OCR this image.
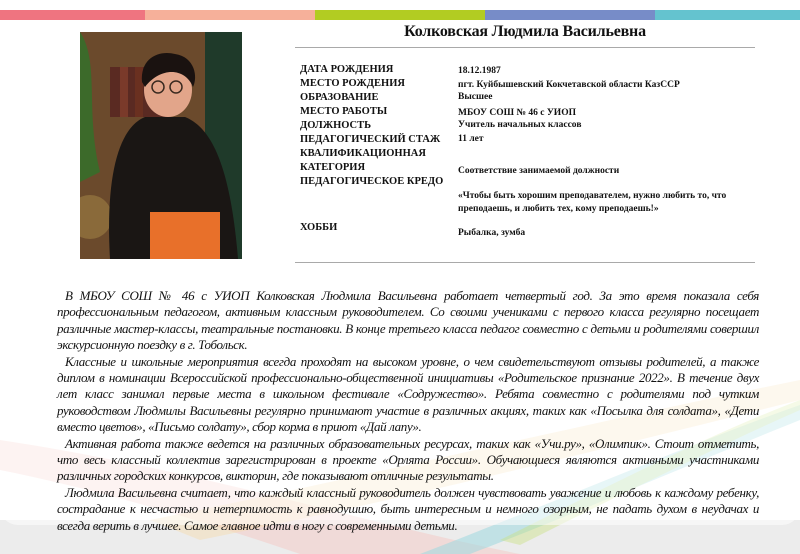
Колковская Людмила Васильевна
ДАТА РОЖДЕНИЯ
МЕСТО РОЖДЕНИЯ
ОБРАЗОВАНИЕ
МЕСТО РАБОТЫ
ДОЛЖНОСТЬ
ПЕДАГОГИЧЕСКИЙ СТАЖ
КВАЛИФИКАЦИОННАЯ
КАТЕГОРИЯ
ПЕДАГОГИЧЕСКОЕ КРЕДО
ХОББИ
18.12.1987
пгт. Куйбышевский Кокчетавской области КазССР
Высшее
МБОУ СОШ № 46 с УИОП
Учитель начальных классов
11 лет
Соответствие занимаемой должности
«Чтобы быть хорошим преподавателем, нужно любить то, что преподаешь, и любить тех, кому преподаешь!»
Рыбалка, зумба

В МБОУ СОШ № 46 с УИОП Колковская Людмила Васильевна работает четвертый год. За это время показала себя профессиональным педагогом, активным классным руководителем. Со своими учениками с первого класса регулярно посещает различные мастер-классы, театральные постановки. В конце третьего класса педагог совместно с детьми и родителями совершил экскурсионную поездку в г. Тобольск.

Классные и школьные мероприятия всегда проходят на высоком уровне, о чем свидетельствуют отзывы родителей, а также диплом в номинации Всероссийской профессионально-общественной инициативы «Родительское признание 2022». В течение двух лет класс занимал первые места в школьном фестивале «Содружество». Ребята совместно с родителями под чутким руководством Людмилы Васильевны регулярно принимают участие в различных акциях, таких как «Посылка для солдата», «Дети вместо цветов», «Письмо солдату», сбор корма в приют «Дай лапу».

Активная работа также ведется на различных образовательных ресурсах, таких как «Учи.ру», «Олимпик». Стоит отметить, что весь классный коллектив зарегистрирован в проекте «Орлята России». Обучающиеся являются активными участниками различных городских конкурсов, викторин, где показывают отличные результаты.

Людмила Васильевна считает, что каждый классный руководитель должен чувствовать уважение и любовь к каждому ребенку, сострадание к несчастью и нетерпимость к равнодушию, быть интересным и немного озорным, не падать духом в неудачах и всегда верить в лучшее. Самое главное идти в ногу с современными детьми.
